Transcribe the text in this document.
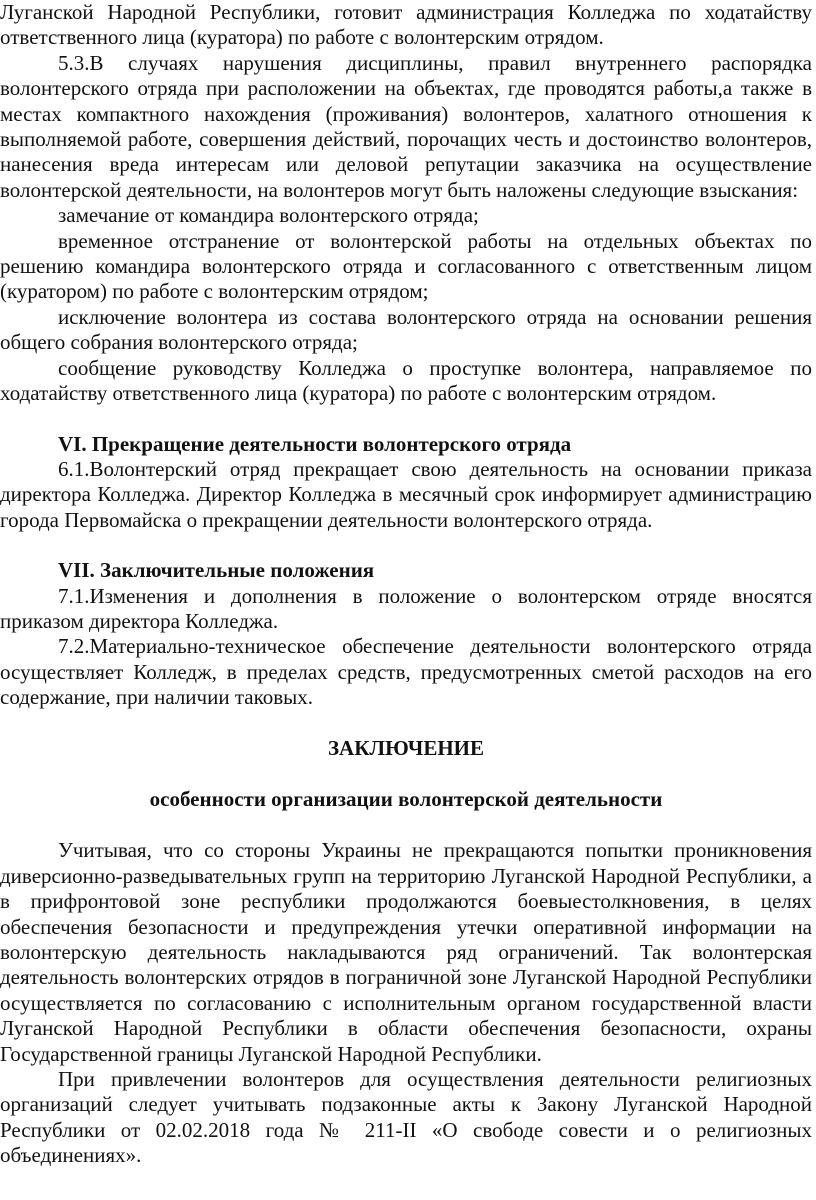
Луганской Народной Республики, готовит администрация Колледжа по ходатайству ответственного лица (куратора) по работе с волонтерским отрядом.

5.3.В случаях нарушения дисциплины, правил внутреннего распорядка волонтерского отряда при расположении на объектах, где проводятся работы,а также в местах компактного нахождения (проживания) волонтеров, халатного отношения к выполняемой работе, совершения действий, порочащих честь и достоинство волонтеров, нанесения вреда интересам или деловой репутации заказчика на осуществление волонтерской деятельности, на волонтеров могут быть наложены следующие взыскания:

замечание от командира волонтерского отряда;

временное отстранение от волонтерской работы на отдельных объектах по решению командира волонтерского отряда и согласованного с ответственным лицом (куратором) по работе с волонтерским отрядом;

исключение волонтера из состава волонтерского отряда на основании решения общего собрания волонтерского отряда;

сообщение руководству Колледжа о проступке волонтера, направляемое по ходатайству ответственного лица (куратора) по работе с волонтерским отрядом.

VI. Прекращение деятельности волонтерского отряда

6.1.Волонтерский отряд прекращает свою деятельность на основании приказа директора Колледжа. Директор Колледжа в месячный срок информирует администрацию города Первомайска о прекращении деятельности волонтерского отряда.

VII. Заключительные положения

7.1.Изменения и дополнения в положение о волонтерском отряде вносятся приказом директора Колледжа.

7.2.Материально-техническое обеспечение деятельности волонтерского отряда осуществляет Колледж, в пределах средств, предусмотренных сметой расходов на его содержание, при наличии таковых.

ЗАКЛЮЧЕНИЕ

особенности организации волонтерской деятельности

Учитывая, что со стороны Украины не прекращаются попытки проникновения диверсионно-разведывательных групп на территорию Луганской Народной Республики, а в прифронтовой зоне республики продолжаются боевыестолкновения, в целях обеспечения безопасности и предупреждения утечки оперативной информации на волонтерскую деятельность накладываются ряд ограничений. Так волонтерская деятельность волонтерских отрядов в пограничной зоне Луганской Народной Республики осуществляется по согласованию с исполнительным органом государственной власти Луганской Народной Республики в области обеспечения безопасности, охраны Государственной границы Луганской Народной Республики.

При привлечении волонтеров для осуществления деятельности религиозных организаций следует учитывать подзаконные акты к Закону Луганской Народной Республики от 02.02.2018 года № 211-II «О свободе совести и о религиозных объединениях».
